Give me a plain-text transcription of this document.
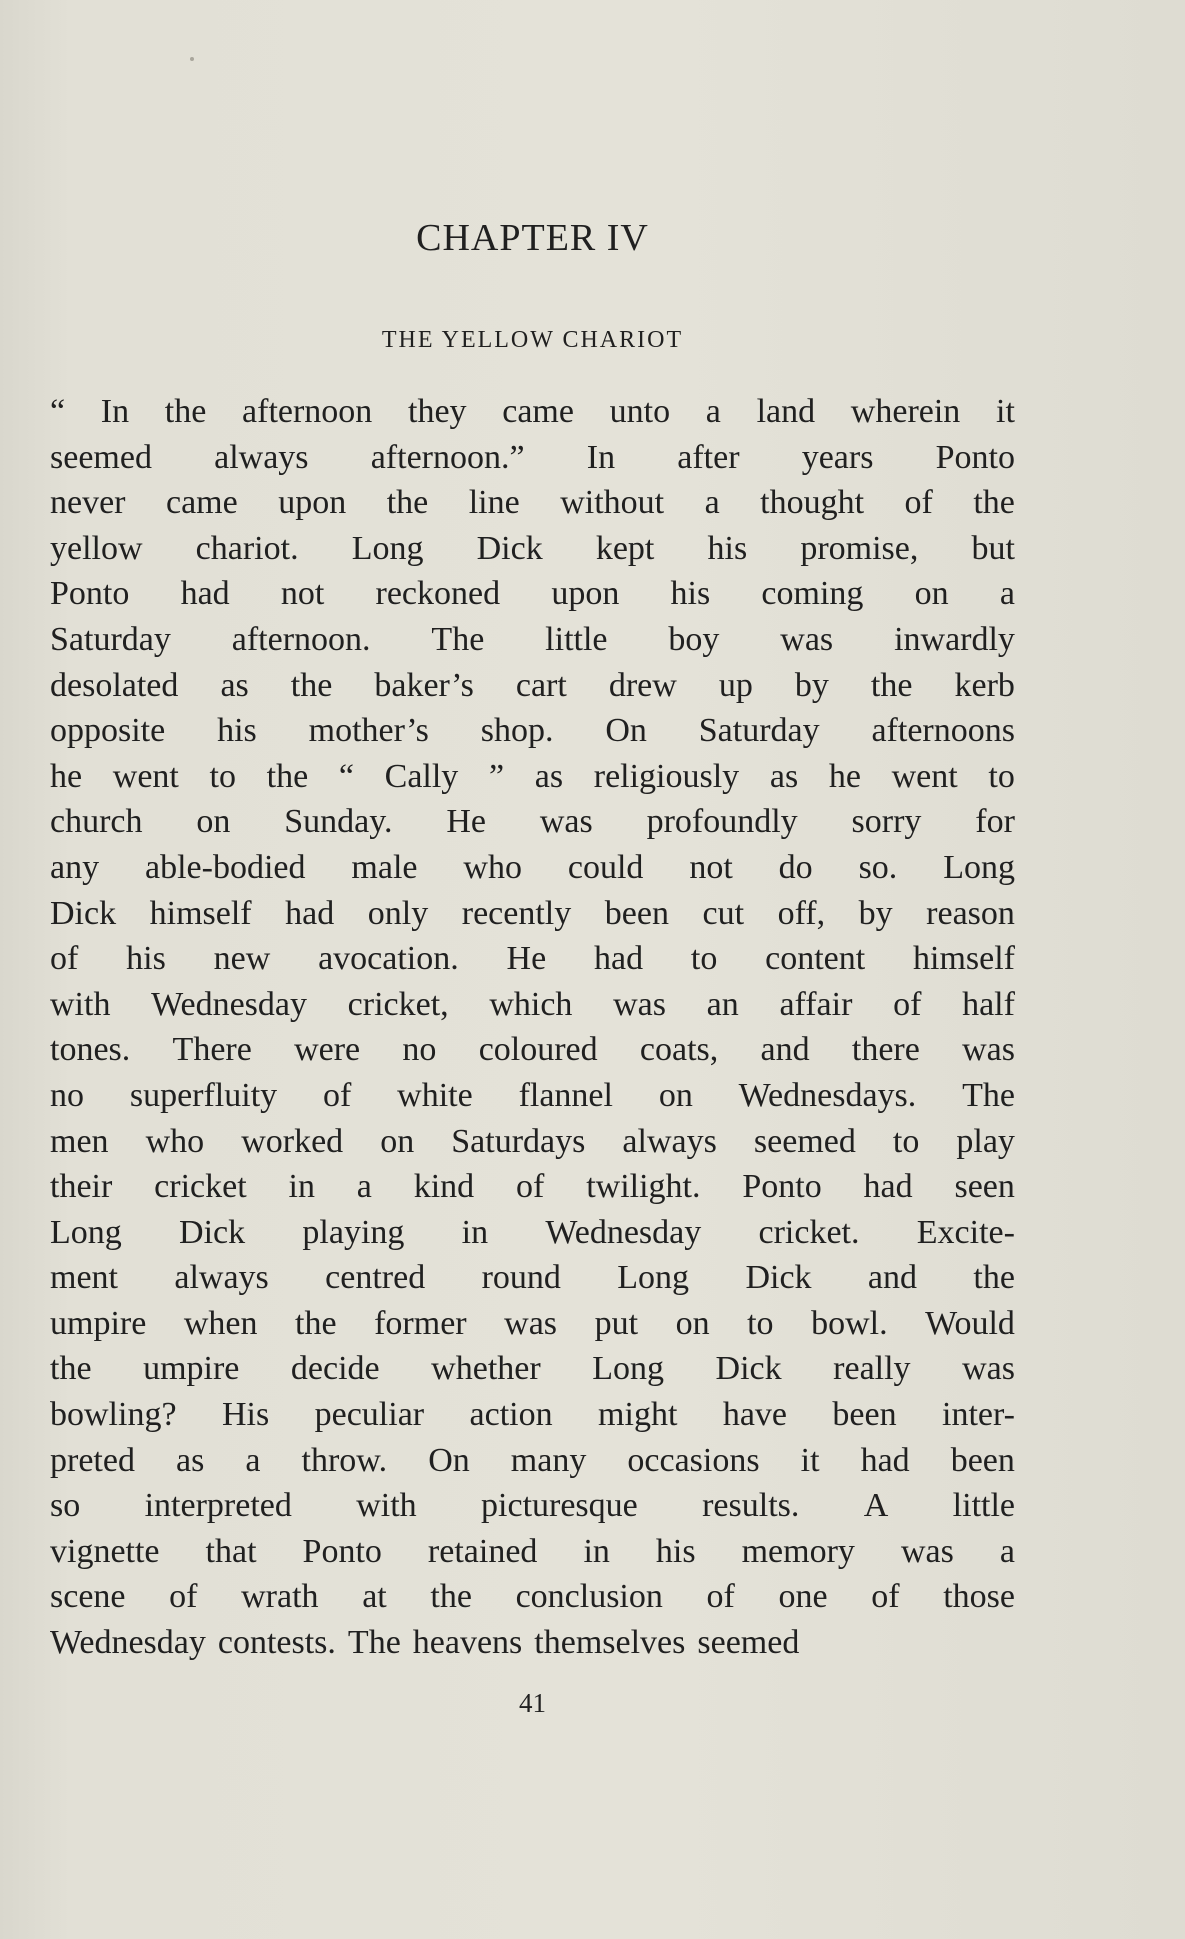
CHAPTER IV
THE YELLOW CHARIOT
“ In the afternoon they came unto a land wherein it
seemed always afternoon.” In after years Ponto
never came upon the line without a thought of the
yellow chariot. Long Dick kept his promise, but
Ponto had not reckoned upon his coming on a
Saturday afternoon. The little boy was inwardly
desolated as the baker’s cart drew up by the kerb
opposite his mother’s shop. On Saturday afternoons
he went to the “ Cally ” as religiously as he went to
church on Sunday. He was profoundly sorry for
any able-bodied male who could not do so. Long
Dick himself had only recently been cut off, by reason
of his new avocation. He had to content himself
with Wednesday cricket, which was an affair of half
tones. There were no coloured coats, and there was
no superfluity of white flannel on Wednesdays. The
men who worked on Saturdays always seemed to play
their cricket in a kind of twilight. Ponto had seen
Long Dick playing in Wednesday cricket. Excite-
ment always centred round Long Dick and the
umpire when the former was put on to bowl. Would
the umpire decide whether Long Dick really was
bowling? His peculiar action might have been inter-
preted as a throw. On many occasions it had been
so interpreted with picturesque results. A little
vignette that Ponto retained in his memory was a
scene of wrath at the conclusion of one of those
Wednesday contests. The heavens themselves seemed
41
